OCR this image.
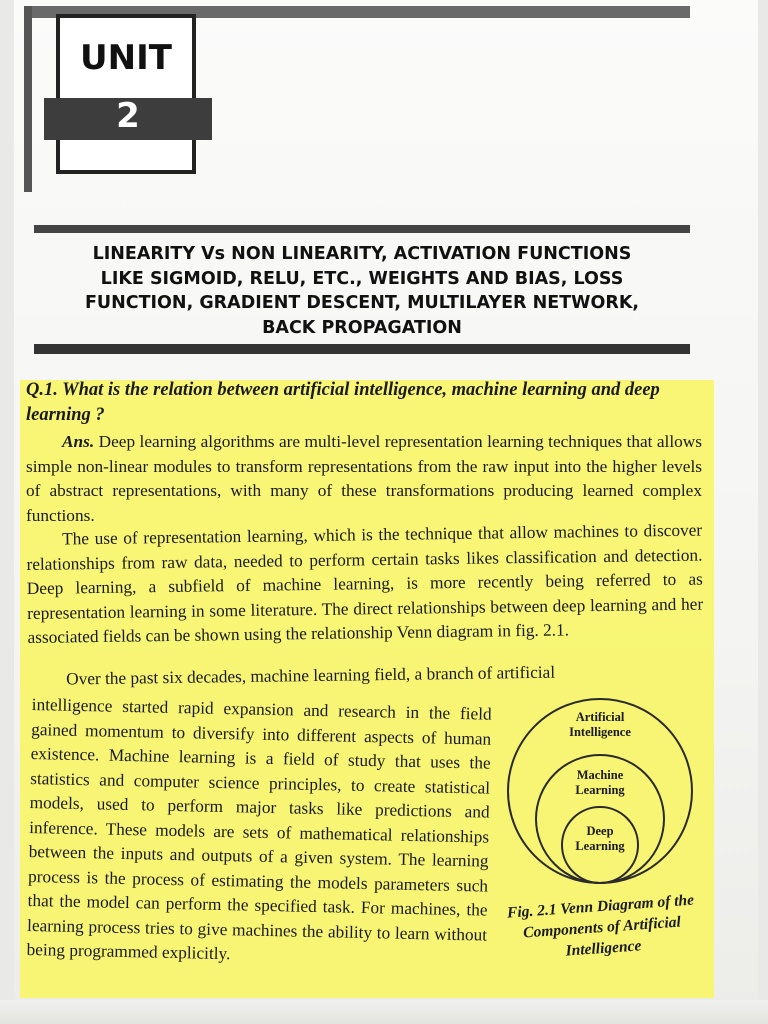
UNIT
2
LINEARITY Vs NON LINEARITY, ACTIVATION FUNCTIONS
LIKE SIGMOID, RELU, ETC., WEIGHTS AND BIAS, LOSS
FUNCTION, GRADIENT DESCENT, MULTILAYER NETWORK,
BACK PROPAGATION
Q.1. What is the relation between artificial intelligence, machine learning and deep learning ?
Ans. Deep learning algorithms are multi-level representation learning techniques that allows simple non-linear modules to transform representations from the raw input into the higher levels of abstract representations, with many of these transformations producing learned complex functions.
The use of representation learning, which is the technique that allow machines to discover relationships from raw data, needed to perform certain tasks likes classification and detection. Deep learning, a subfield of machine learning, is more recently being referred to as representation learning in some literature. The direct relationships between deep learning and her associated fields can be shown using the relationship Venn diagram in fig. 2.1.
Over the past six decades, machine learning field, a branch of artificial
intelligence started rapid expansion and research in the field gained momentum to diversify into different aspects of human existence. Machine learning is a field of study that uses the statistics and computer science principles, to create statistical models, used to perform major tasks like predictions and inference. These models are sets of mathematical relationships between the inputs and outputs of a given system. The learning process is the process of estimating the models parameters such that the model can perform the specified task. For machines, the learning process tries to give machines the ability to learn without being programmed explicitly.
Artificial Intelligence
Machine Learning
Deep Learning
Fig. 2.1 Venn Diagram of the Components of Artificial Intelligence
